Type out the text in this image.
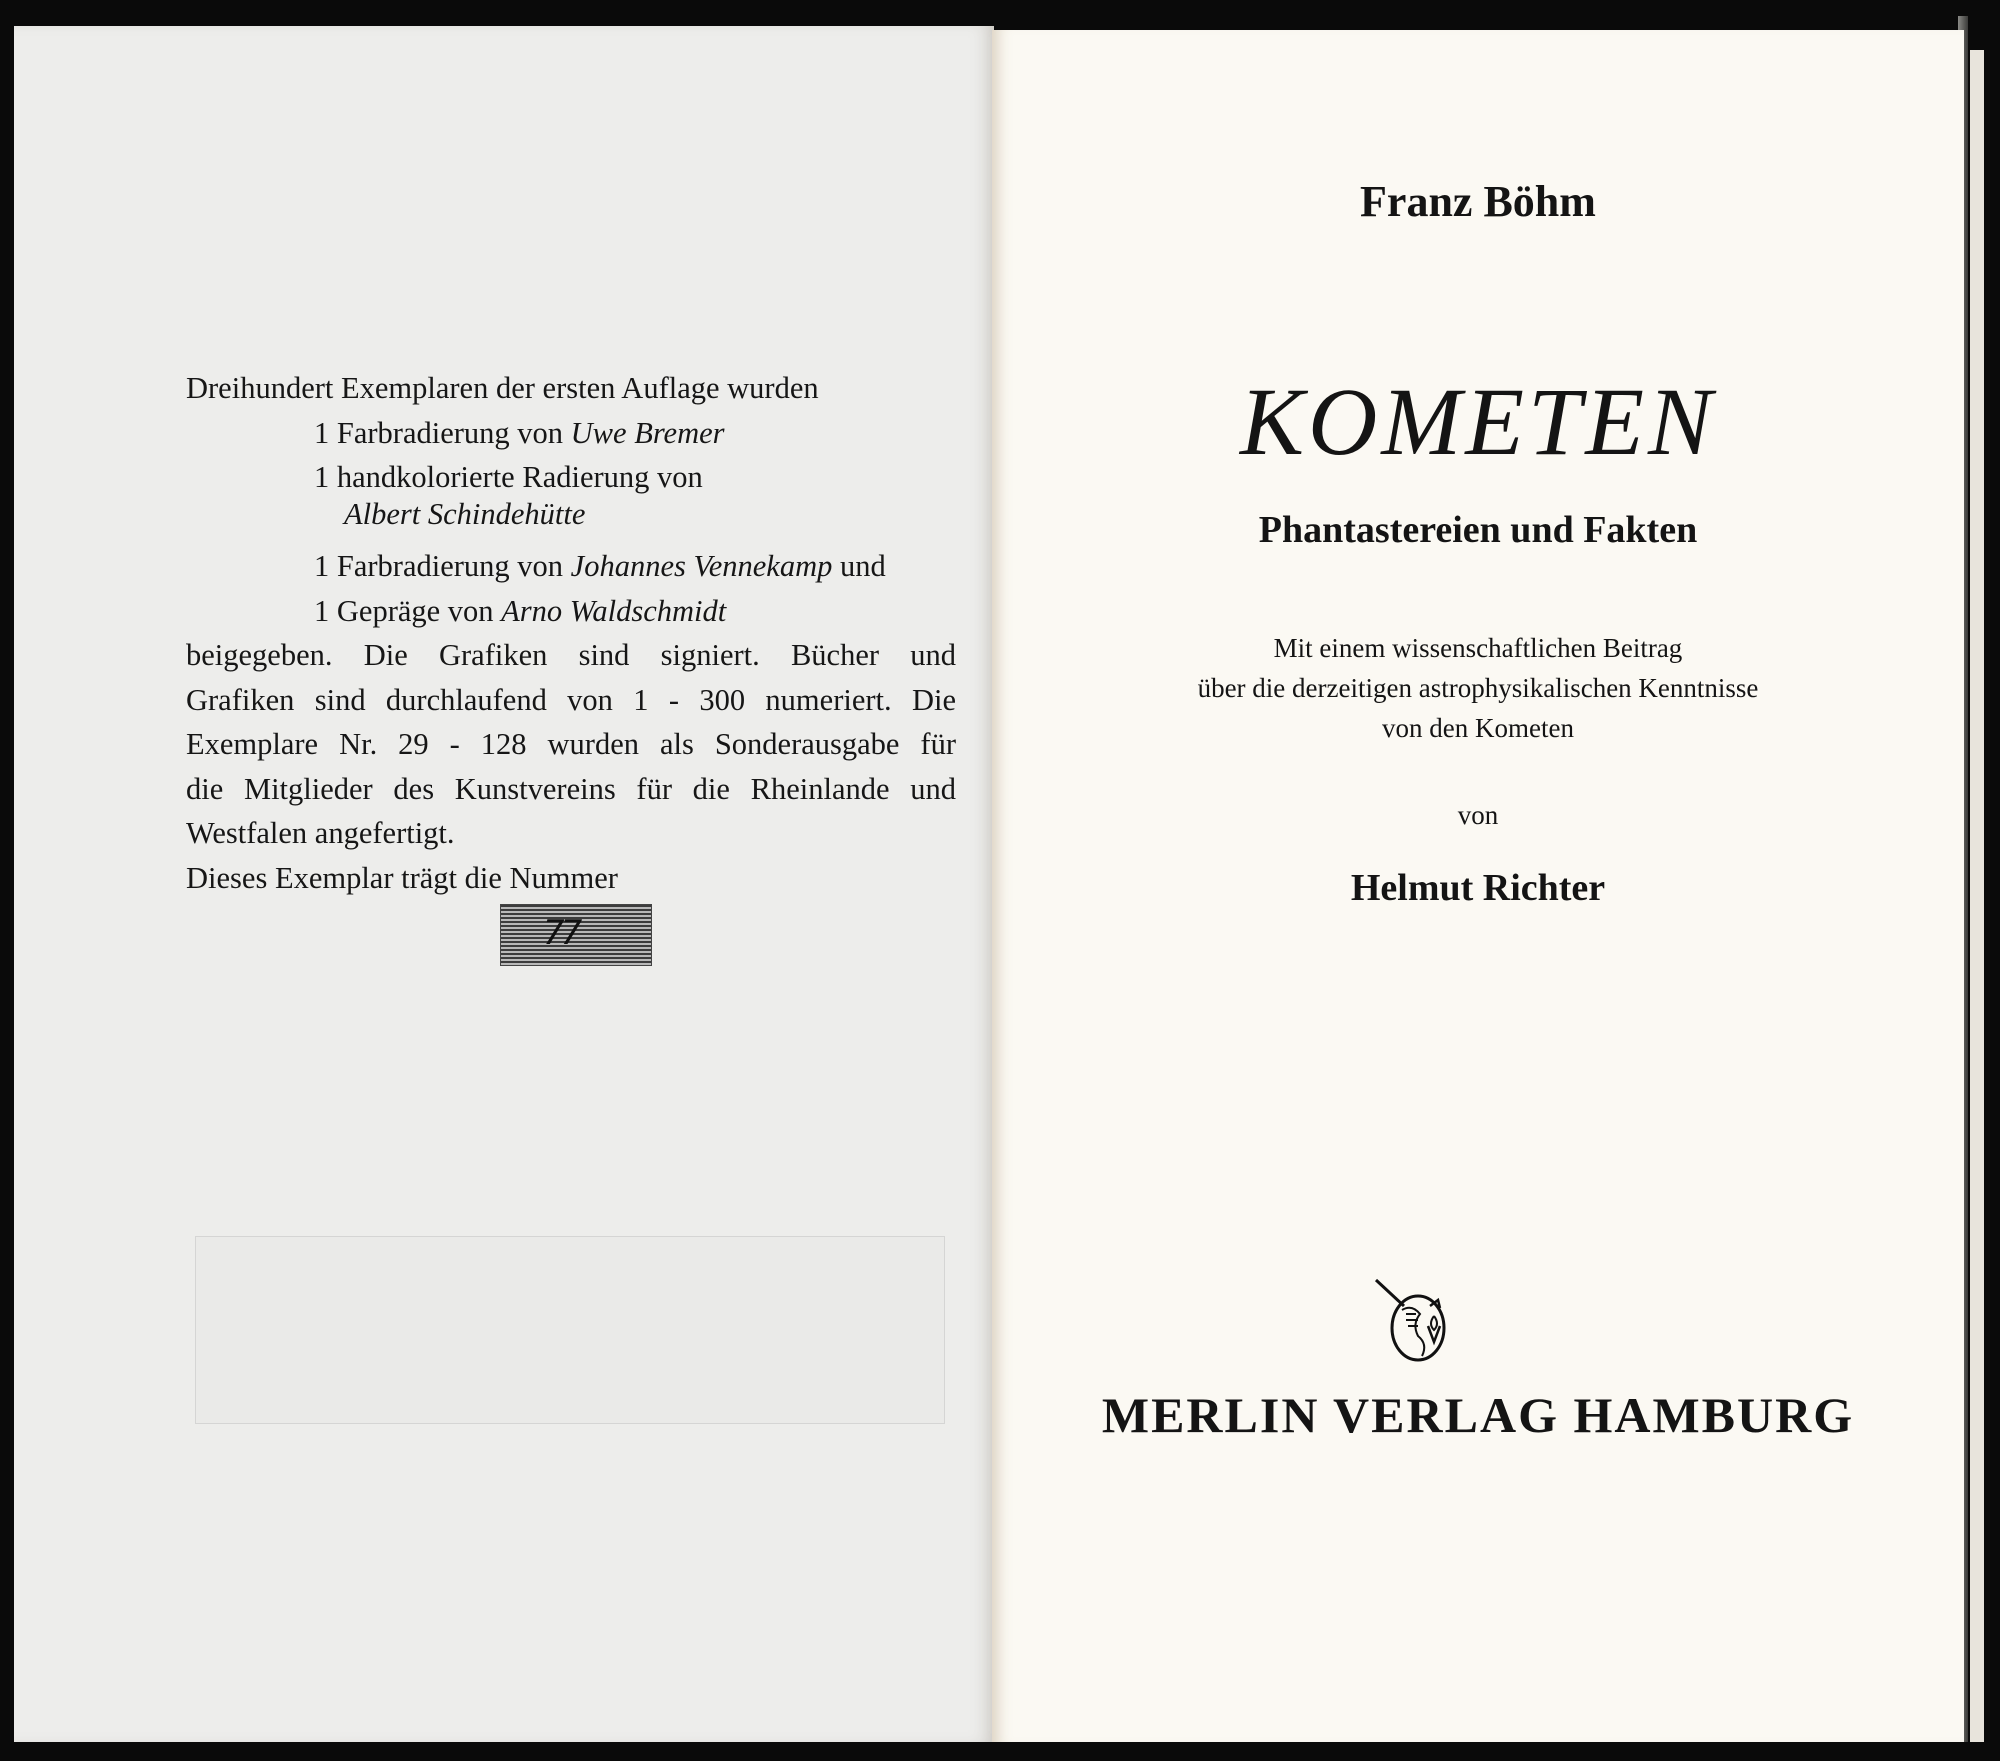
Dreihundert Exemplaren der ersten Auflage wurden
1 Farbradierung von Uwe Bremer
1 handkolorierte Radierung von
Albert Schindehütte
1 Farbradierung von Johannes Vennekamp und
1 Gepräge von Arno Waldschmidt
beigegeben. Die Grafiken sind signiert. Bücher und
Grafiken sind durchlaufend von 1 - 300 numeriert. Die
Exemplare Nr. 29 - 128 wurden als Sonderausgabe für
die Mitglieder des Kunstvereins für die Rheinlande und
Westfalen angefertigt.
Dieses Exemplar trägt die Nummer
77
Franz Böhm
KOMETEN
Phantastereien und Fakten
Mit einem wissenschaftlichen Beitrag
über die derzeitigen astrophysikalischen Kenntnisse
von den Kometen
von
Helmut Richter
MERLIN VERLAG HAMBURG
